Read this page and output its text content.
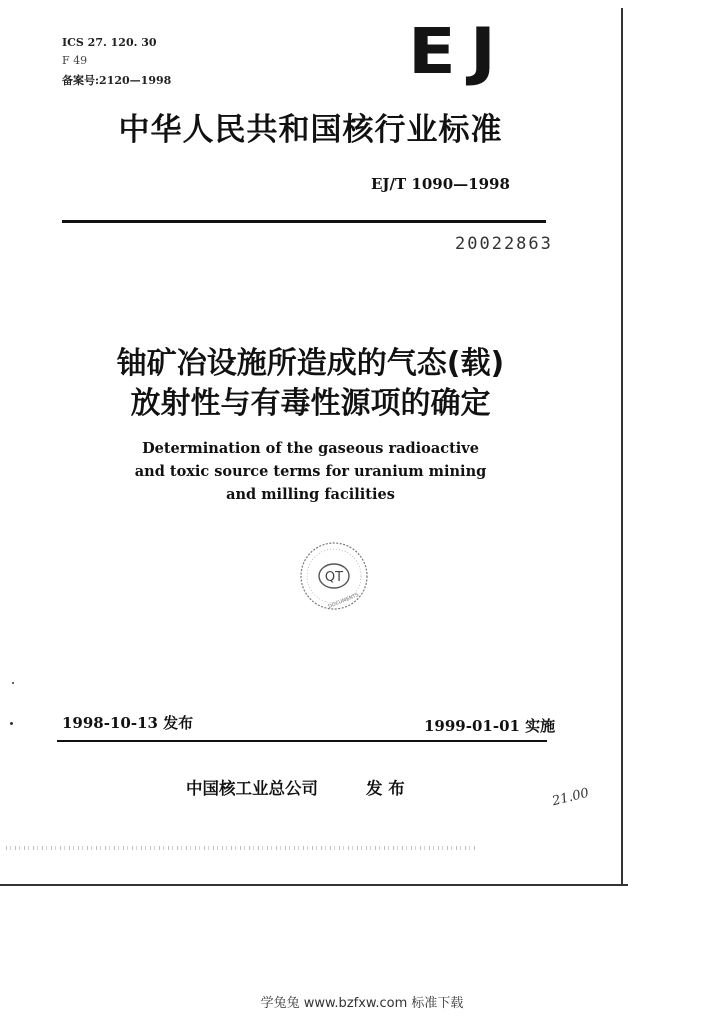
ICS 27. 120. 30
F 49
备案号:2120—1998	EJ
中华人民共和国核行业标准
EJ/T 1090—1998
20022863
铀矿冶设施所造成的气态(载)
放射性与有毒性源项的确定
Determination of the gaseous radioactive
and toxic source terms for uranium mining
and milling facilities
QT
DOCUMENTS
1998-10-13 发布	1999-01-01 实施
中国核工业总公司	发 布	21.00
学兔兔 www.bzfxw.com 标准下载
